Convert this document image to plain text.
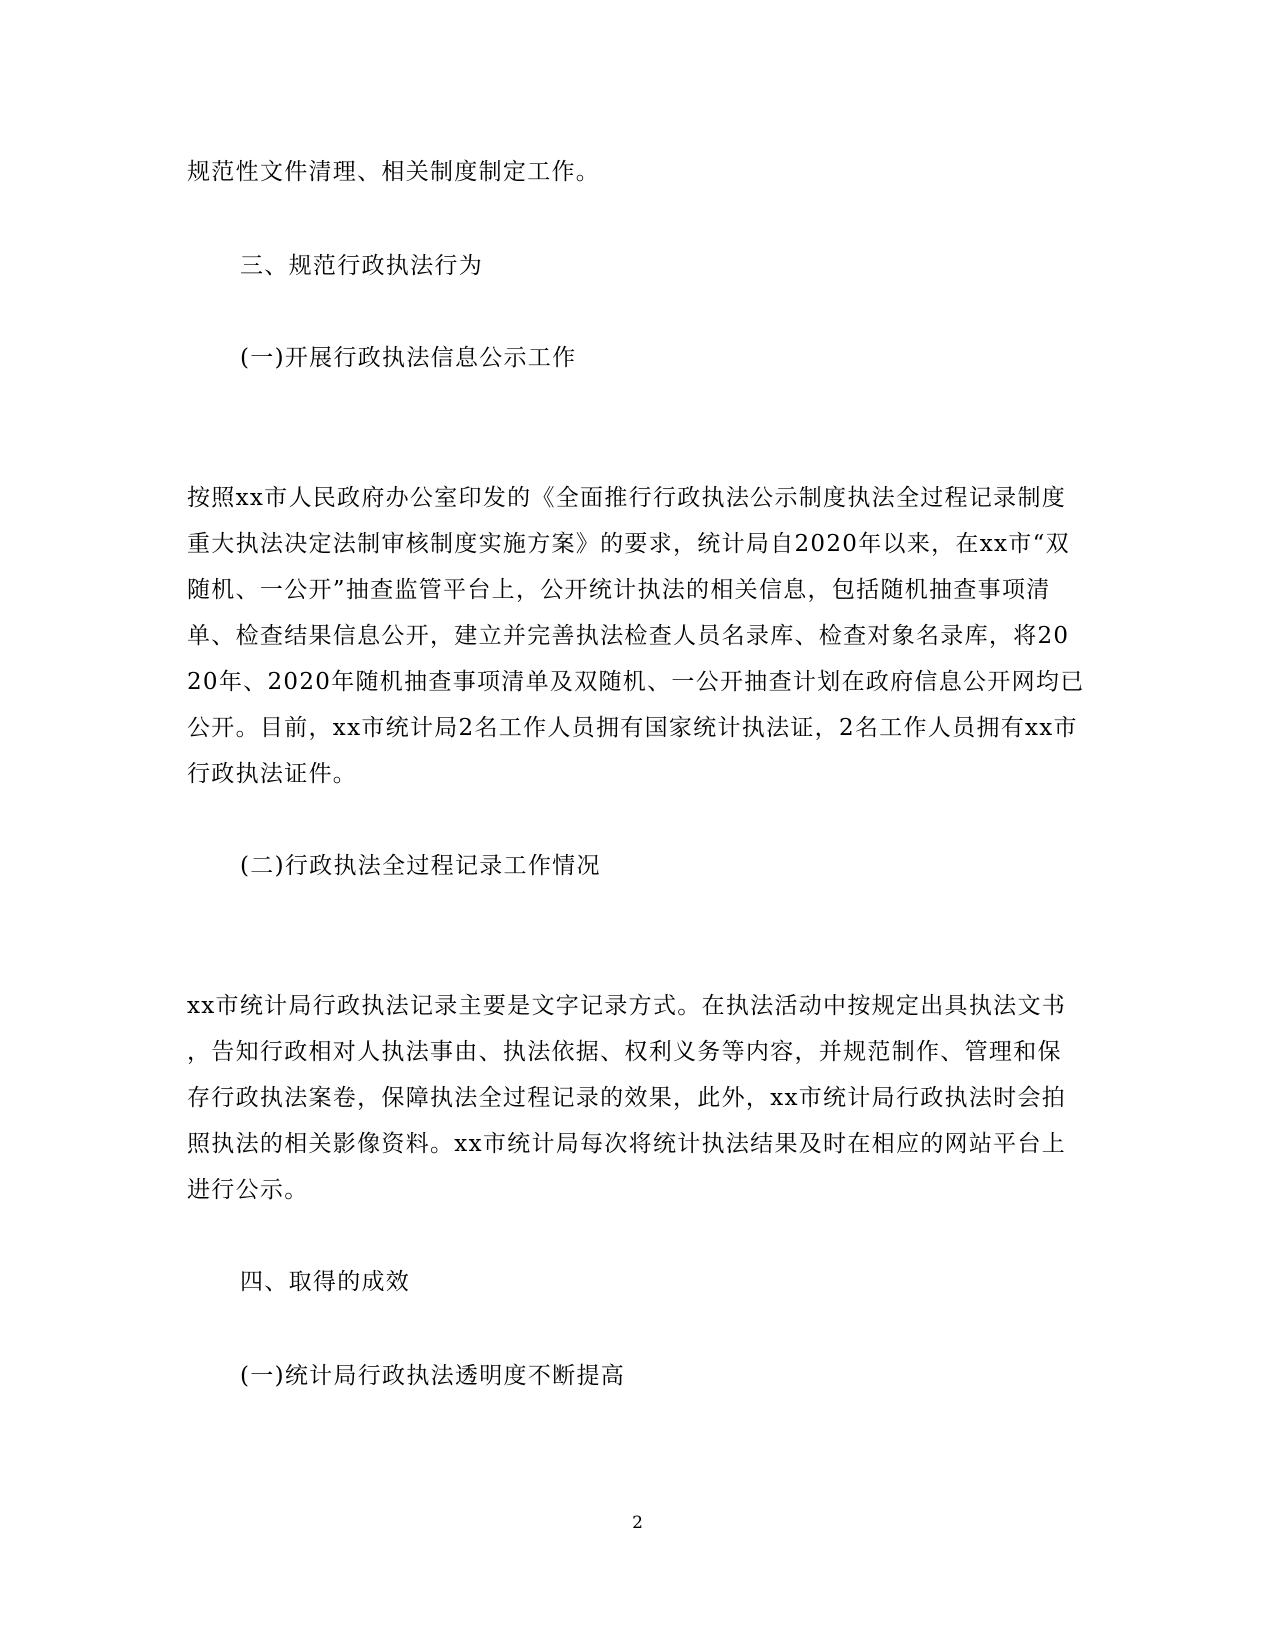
规范性文件清理、相关制度制定工作。
三、规范行政执法行为
(一)开展行政执法信息公示工作
按照xx市人民政府办公室印发的《全面推行行政执法公示制度执法全过程记录制度
重大执法决定法制审核制度实施方案》的要求，统计局自2020年以来，在xx市“双
随机、一公开”抽查监管平台上，公开统计执法的相关信息，包括随机抽查事项清
单、检查结果信息公开，建立并完善执法检查人员名录库、检查对象名录库，将20
20年、2020年随机抽查事项清单及双随机、一公开抽查计划在政府信息公开网均已
公开。目前，xx市统计局2名工作人员拥有国家统计执法证，2名工作人员拥有xx市
行政执法证件。
(二)行政执法全过程记录工作情况
xx市统计局行政执法记录主要是文字记录方式。在执法活动中按规定出具执法文书
，告知行政相对人执法事由、执法依据、权利义务等内容，并规范制作、管理和保
存行政执法案卷，保障执法全过程记录的效果，此外，xx市统计局行政执法时会拍
照执法的相关影像资料。xx市统计局每次将统计执法结果及时在相应的网站平台上
进行公示。
四、取得的成效
(一)统计局行政执法透明度不断提高
2
